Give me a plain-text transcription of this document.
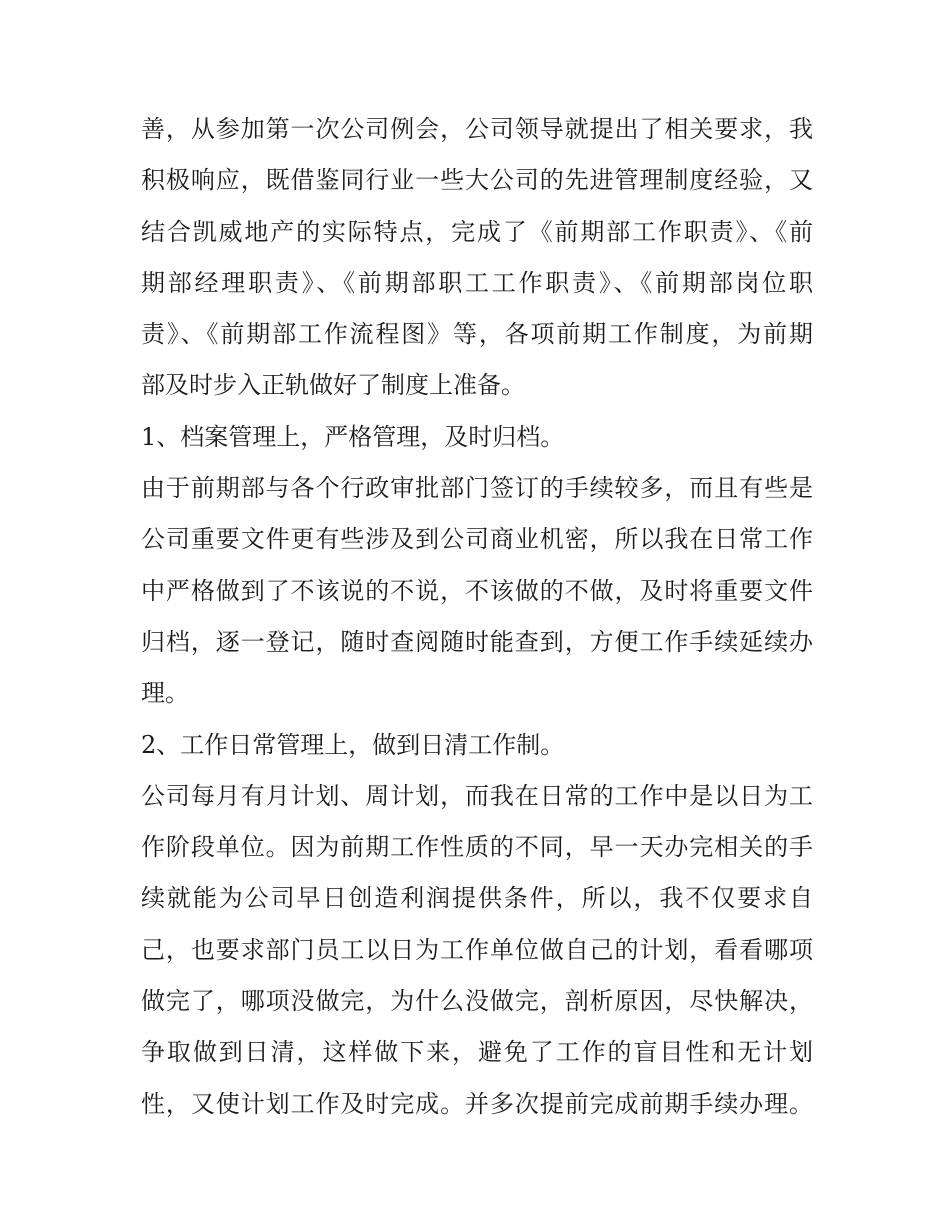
善，从参加第一次公司例会，公司领导就提出了相关要求，我
积极响应，既借鉴同行业一些大公司的先进管理制度经验，又
结合凯威地产的实际特点，完成了《前期部工作职责》、《前
期部经理职责》、《前期部职工工作职责》、《前期部岗位职
责》、《前期部工作流程图》等，各项前期工作制度，为前期
部及时步入正轨做好了制度上准备。
1、档案管理上，严格管理，及时归档。
由于前期部与各个行政审批部门签订的手续较多，而且有些是
公司重要文件更有些涉及到公司商业机密，所以我在日常工作
中严格做到了不该说的不说，不该做的不做，及时将重要文件
归档，逐一登记，随时查阅随时能查到，方便工作手续延续办
理。
2、工作日常管理上，做到日清工作制。
公司每月有月计划、周计划，而我在日常的工作中是以日为工
作阶段单位。因为前期工作性质的不同，早一天办完相关的手
续就能为公司早日创造利润提供条件，所以，我不仅要求自
己，也要求部门员工以日为工作单位做自己的计划，看看哪项
做完了，哪项没做完，为什么没做完，剖析原因，尽快解决，
争取做到日清，这样做下来，避免了工作的盲目性和无计划
性，又使计划工作及时完成。并多次提前完成前期手续办理。
